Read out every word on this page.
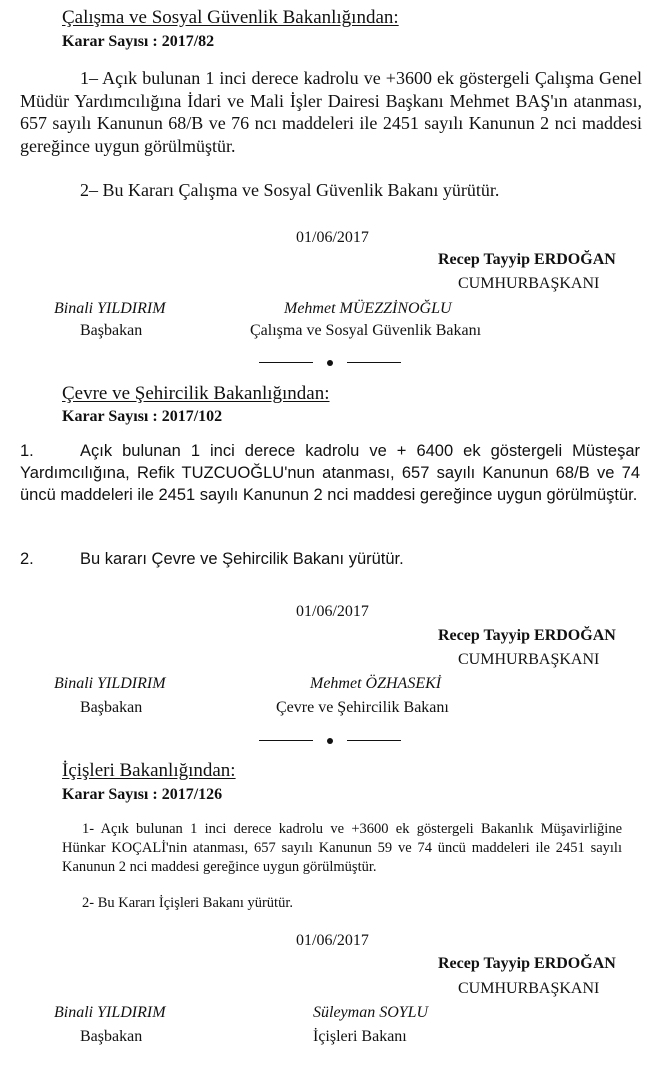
Çalışma ve Sosyal Güvenlik Bakanlığından:
Karar Sayısı : 2017/82
1– Açık bulunan 1 inci derece kadrolu ve +3600 ek göstergeli Çalışma Genel Müdür Yardımcılığına İdari ve Mali İşler Dairesi Başkanı Mehmet BAŞ'ın atanması, 657 sayılı Kanunun 68/B ve 76 ncı maddeleri ile 2451 sayılı Kanunun 2 nci maddesi gereğince uygun görülmüştür.
2– Bu Kararı Çalışma ve Sosyal Güvenlik Bakanı yürütür.
01/06/2017
Recep Tayyip ERDOĞAN
CUMHURBAŞKANI
Binali YILDIRIM
Başbakan
Mehmet MÜEZZİNOĞLU
Çalışma ve Sosyal Güvenlik Bakanı
Çevre ve Şehircilik Bakanlığından:
Karar Sayısı : 2017/102
1.	Açık bulunan 1 inci derece kadrolu ve + 6400 ek göstergeli Müsteşar Yardımcılığına, Refik TUZCUOĞLU'nun atanması, 657 sayılı Kanunun 68/B ve 74 üncü maddeleri ile 2451 sayılı Kanunun 2 nci maddesi gereğince uygun görülmüştür.
2.	Bu kararı Çevre ve Şehircilik Bakanı yürütür.
01/06/2017
Recep Tayyip ERDOĞAN
CUMHURBAŞKANI
Binali YILDIRIM
Başbakan
Mehmet ÖZHASEKİ
Çevre ve Şehircilik Bakanı
İçişleri Bakanlığından:
Karar Sayısı : 2017/126
1- Açık bulunan 1 inci derece kadrolu ve +3600 ek göstergeli Bakanlık Müşavirliğine Hünkar KOÇALİ'nin atanması, 657 sayılı Kanunun 59 ve 74 üncü maddeleri ile 2451 sayılı Kanunun 2 nci maddesi gereğince uygun görülmüştür.
2- Bu Kararı İçişleri Bakanı yürütür.
01/06/2017
Recep Tayyip ERDOĞAN
CUMHURBAŞKANI
Binali YILDIRIM
Başbakan
Süleyman SOYLU
İçişleri Bakanı
